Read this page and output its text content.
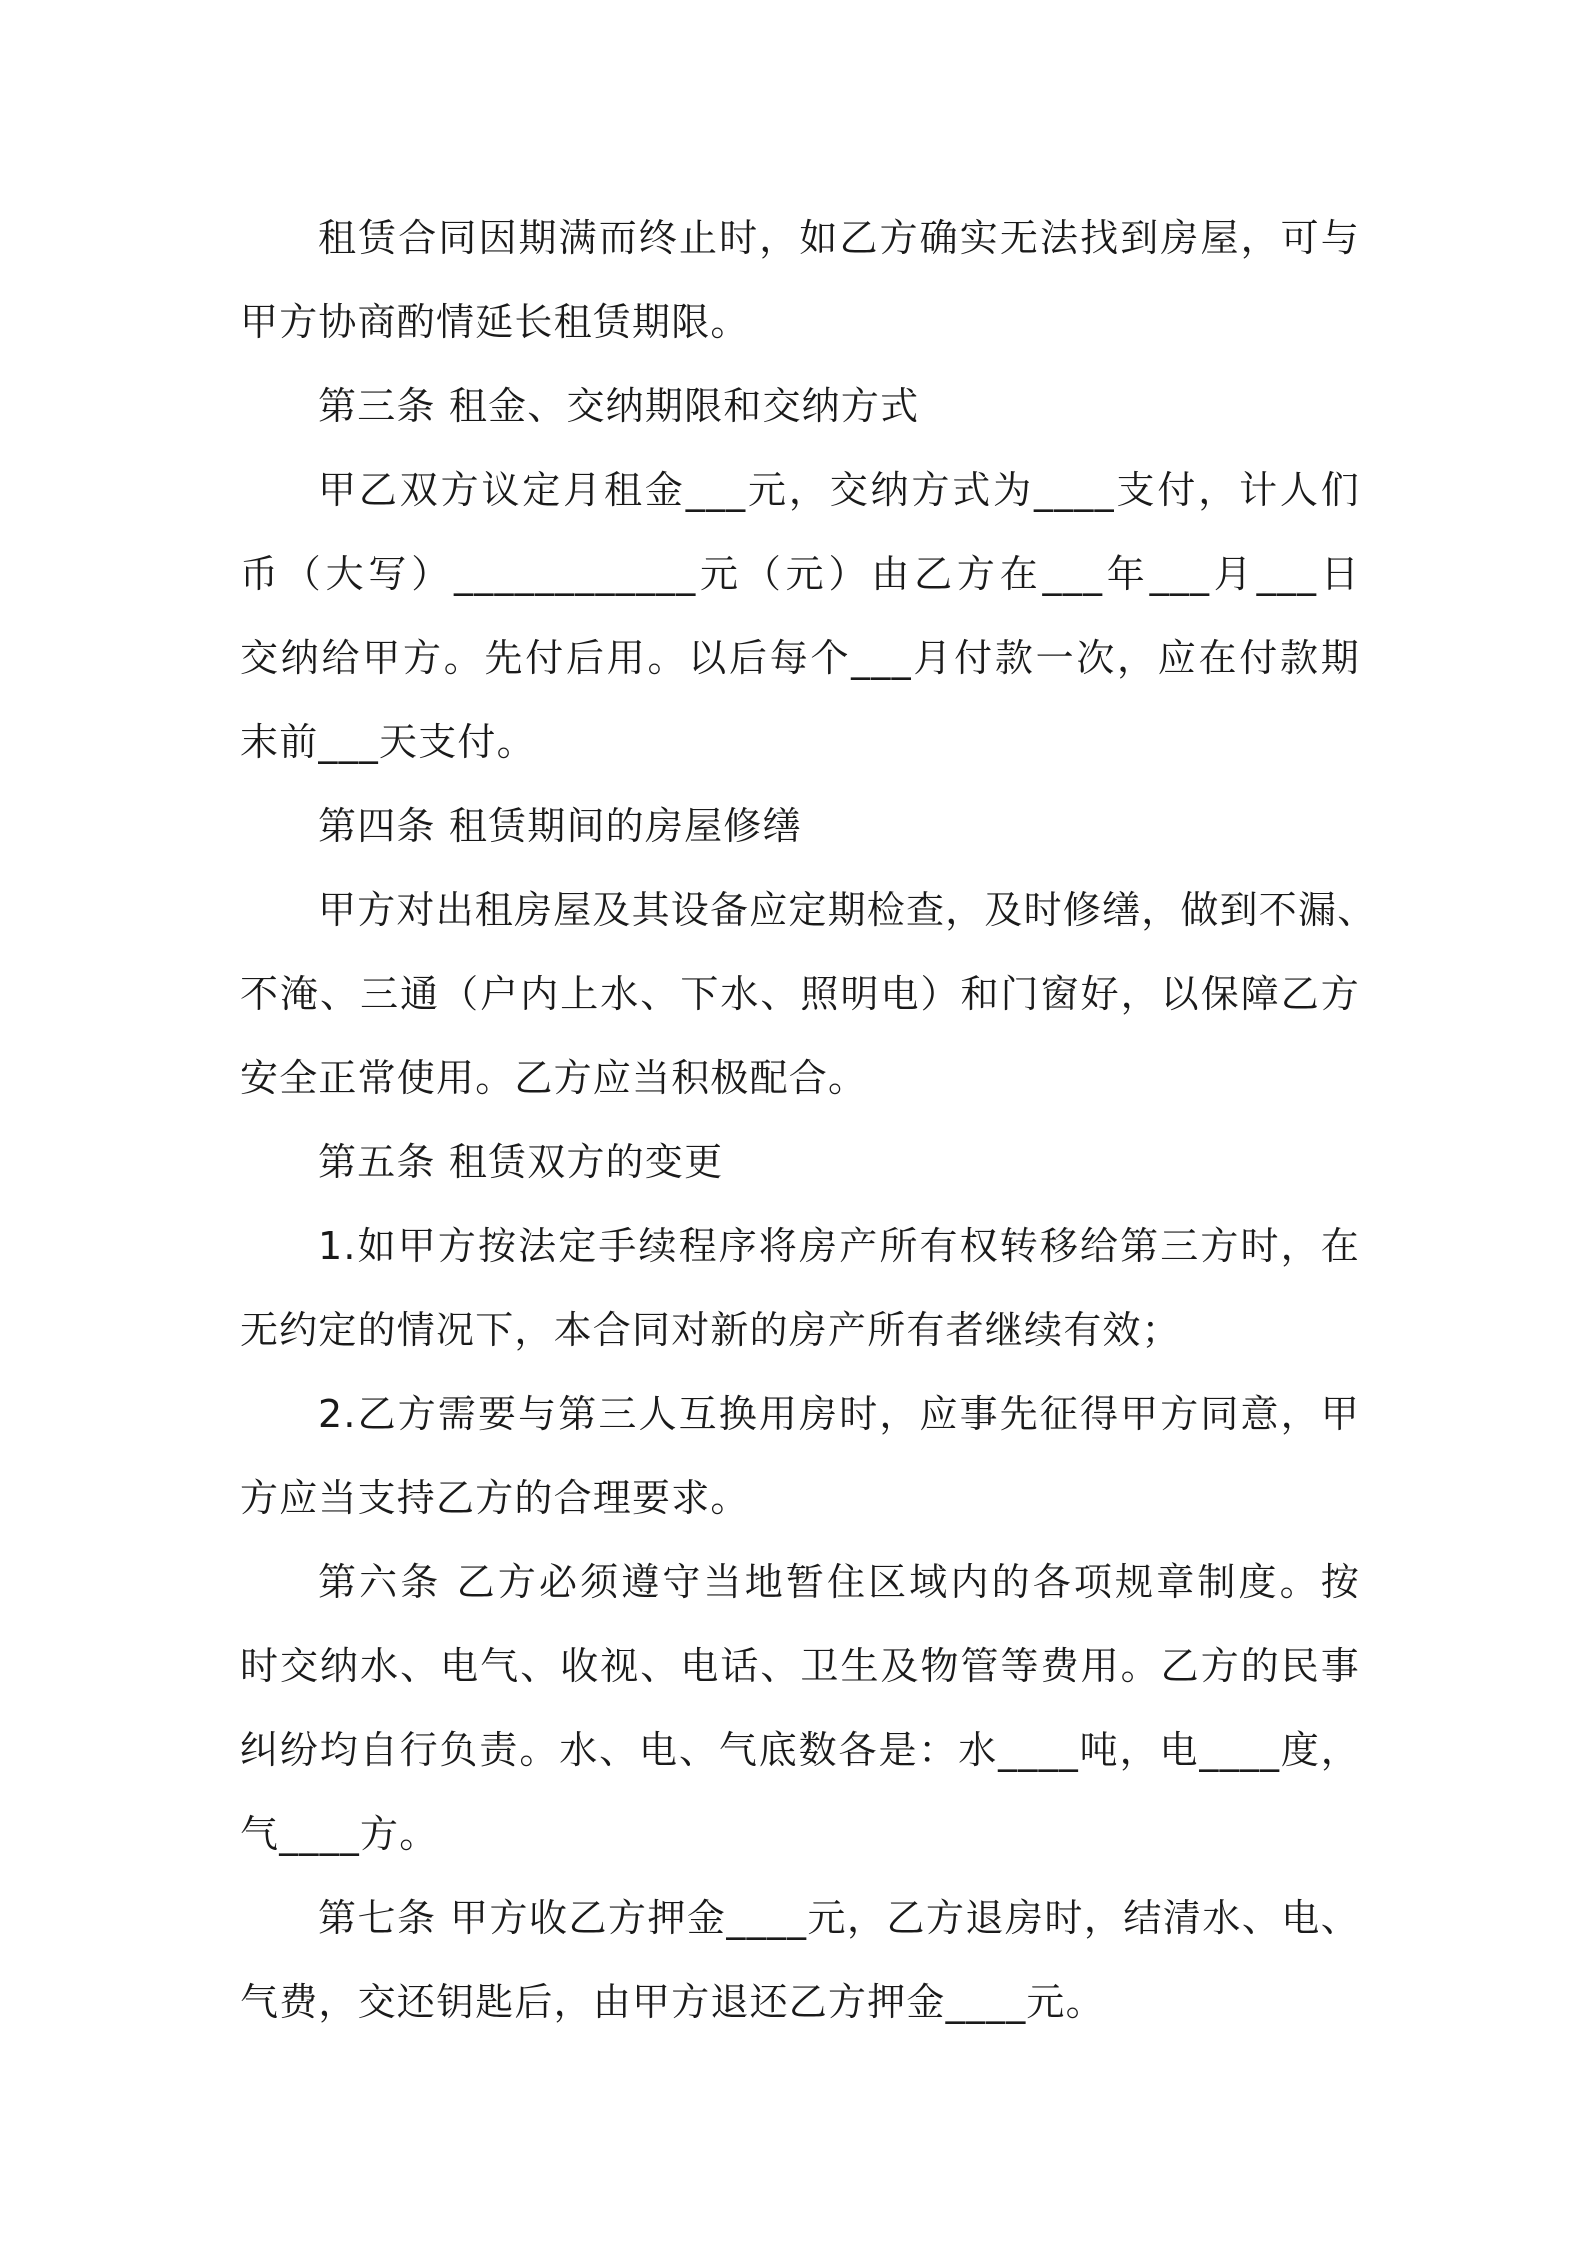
租赁合同因期满而终止时，如乙方确实无法找到房屋，可与
甲方协商酌情延长租赁期限。
第三条 租金、交纳期限和交纳方式
甲乙双方议定月租金___元，交纳方式为____支付，计人们
币（大写）____________元（元）由乙方在___年___月___日
交纳给甲方。先付后用。以后每个___月付款一次，应在付款期
末前___天支付。
第四条 租赁期间的房屋修缮
甲方对出租房屋及其设备应定期检查，及时修缮，做到不漏、
不淹、三通（户内上水、下水、照明电）和门窗好，以保障乙方
安全正常使用。乙方应当积极配合。
第五条 租赁双方的变更
1.如甲方按法定手续程序将房产所有权转移给第三方时，在
无约定的情况下，本合同对新的房产所有者继续有效；
2.乙方需要与第三人互换用房时，应事先征得甲方同意，甲
方应当支持乙方的合理要求。
第六条 乙方必须遵守当地暂住区域内的各项规章制度。按
时交纳水、电气、收视、电话、卫生及物管等费用。乙方的民事
纠纷均自行负责。水、电、气底数各是：水____吨，电____度，
气____方。
第七条 甲方收乙方押金____元，乙方退房时，结清水、电、
气费，交还钥匙后，由甲方退还乙方押金____元。
